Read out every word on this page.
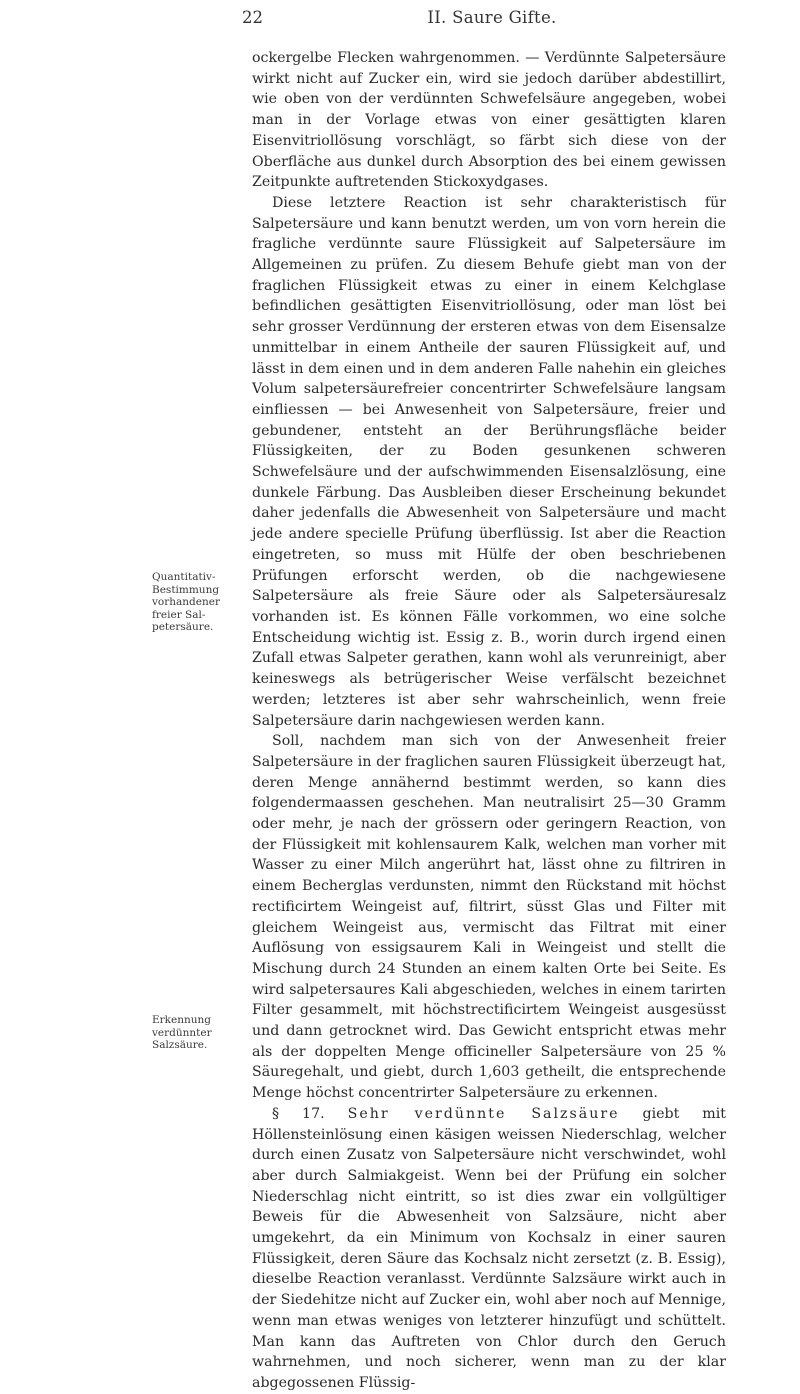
22	II. Saure Gifte.
Quantitativ-
Bestimmung
vorhandener
freier Sal-
petersäure.
Erkennung
verdünnter
Salzsäure.

ockergelbe Flecken wahrgenommen. — Verdünnte Salpetersäure wirkt nicht auf Zucker ein, wird sie jedoch darüber abdestillirt, wie oben von der verdünnten Schwefelsäure angegeben, wobei man in der Vorlage etwas von einer gesättigten klaren Eisenvitriollösung vorschlägt, so färbt sich diese von der Oberfläche aus dunkel durch Absorption des bei einem gewissen Zeitpunkte auftretenden Stickoxydgases.

Diese letztere Reaction ist sehr charakteristisch für Salpetersäure und kann benutzt werden, um von vorn herein die fragliche verdünnte saure Flüssigkeit auf Salpetersäure im Allgemeinen zu prüfen. Zu diesem Behufe giebt man von der fraglichen Flüssigkeit etwas zu einer in einem Kelchglase befindlichen gesättigten Eisenvitriollösung, oder man löst bei sehr grosser Verdünnung der ersteren etwas von dem Eisensalze unmittelbar in einem Antheile der sauren Flüssigkeit auf, und lässt in dem einen und in dem anderen Falle nahehin ein gleiches Volum salpetersäurefreier concentrirter Schwefelsäure langsam einfliessen — bei Anwesenheit von Salpetersäure, freier und gebundener, entsteht an der Berührungsfläche beider Flüssigkeiten, der zu Boden gesunkenen schweren Schwefelsäure und der aufschwimmenden Eisensalzlösung, eine dunkele Färbung. Das Ausbleiben dieser Erscheinung bekundet daher jedenfalls die Abwesenheit von Salpetersäure und macht jede andere specielle Prüfung überflüssig. Ist aber die Reaction eingetreten, so muss mit Hülfe der oben beschriebenen Prüfungen erforscht werden, ob die nachgewiesene Salpetersäure als freie Säure oder als Salpetersäuresalz vorhanden ist. Es können Fälle vorkommen, wo eine solche Entscheidung wichtig ist. Essig z. B., worin durch irgend einen Zufall etwas Salpeter gerathen, kann wohl als verunreinigt, aber keineswegs als betrügerischer Weise verfälscht bezeichnet werden; letzteres ist aber sehr wahrscheinlich, wenn freie Salpetersäure darin nachgewiesen werden kann.

Soll, nachdem man sich von der Anwesenheit freier Salpetersäure in der fraglichen sauren Flüssigkeit überzeugt hat, deren Menge annähernd bestimmt werden, so kann dies folgendermaassen geschehen. Man neutralisirt 25—30 Gramm oder mehr, je nach der grössern oder geringern Reaction, von der Flüssigkeit mit kohlensaurem Kalk, welchen man vorher mit Wasser zu einer Milch angerührt hat, lässt ohne zu filtriren in einem Becherglas verdunsten, nimmt den Rückstand mit höchst rectificirtem Weingeist auf, filtrirt, süsst Glas und Filter mit gleichem Weingeist aus, vermischt das Filtrat mit einer Auflösung von essigsaurem Kali in Weingeist und stellt die Mischung durch 24 Stunden an einem kalten Orte bei Seite. Es wird salpetersaures Kali abgeschieden, welches in einem tarirten Filter gesammelt, mit höchstrectificirtem Weingeist ausgesüsst und dann getrocknet wird. Das Gewicht entspricht etwas mehr als der doppelten Menge officineller Salpetersäure von 25 % Säuregehalt, und giebt, durch 1,603 getheilt, die entsprechende Menge höchst concentrirter Salpetersäure zu erkennen.

§ 17. Sehr verdünnte Salzsäure giebt mit Höllensteinlösung einen käsigen weissen Niederschlag, welcher durch einen Zusatz von Salpetersäure nicht verschwindet, wohl aber durch Salmiakgeist. Wenn bei der Prüfung ein solcher Niederschlag nicht eintritt, so ist dies zwar ein vollgültiger Beweis für die Abwesenheit von Salzsäure, nicht aber umgekehrt, da ein Minimum von Kochsalz in einer sauren Flüssigkeit, deren Säure das Kochsalz nicht zersetzt (z. B. Essig), dieselbe Reaction veranlasst. Verdünnte Salzsäure wirkt auch in der Siedehitze nicht auf Zucker ein, wohl aber noch auf Mennige, wenn man etwas weniges von letzterer hinzufügt und schüttelt. Man kann das Auftreten von Chlor durch den Geruch wahrnehmen, und noch sicherer, wenn man zu der klar abgegossenen Flüssig-
